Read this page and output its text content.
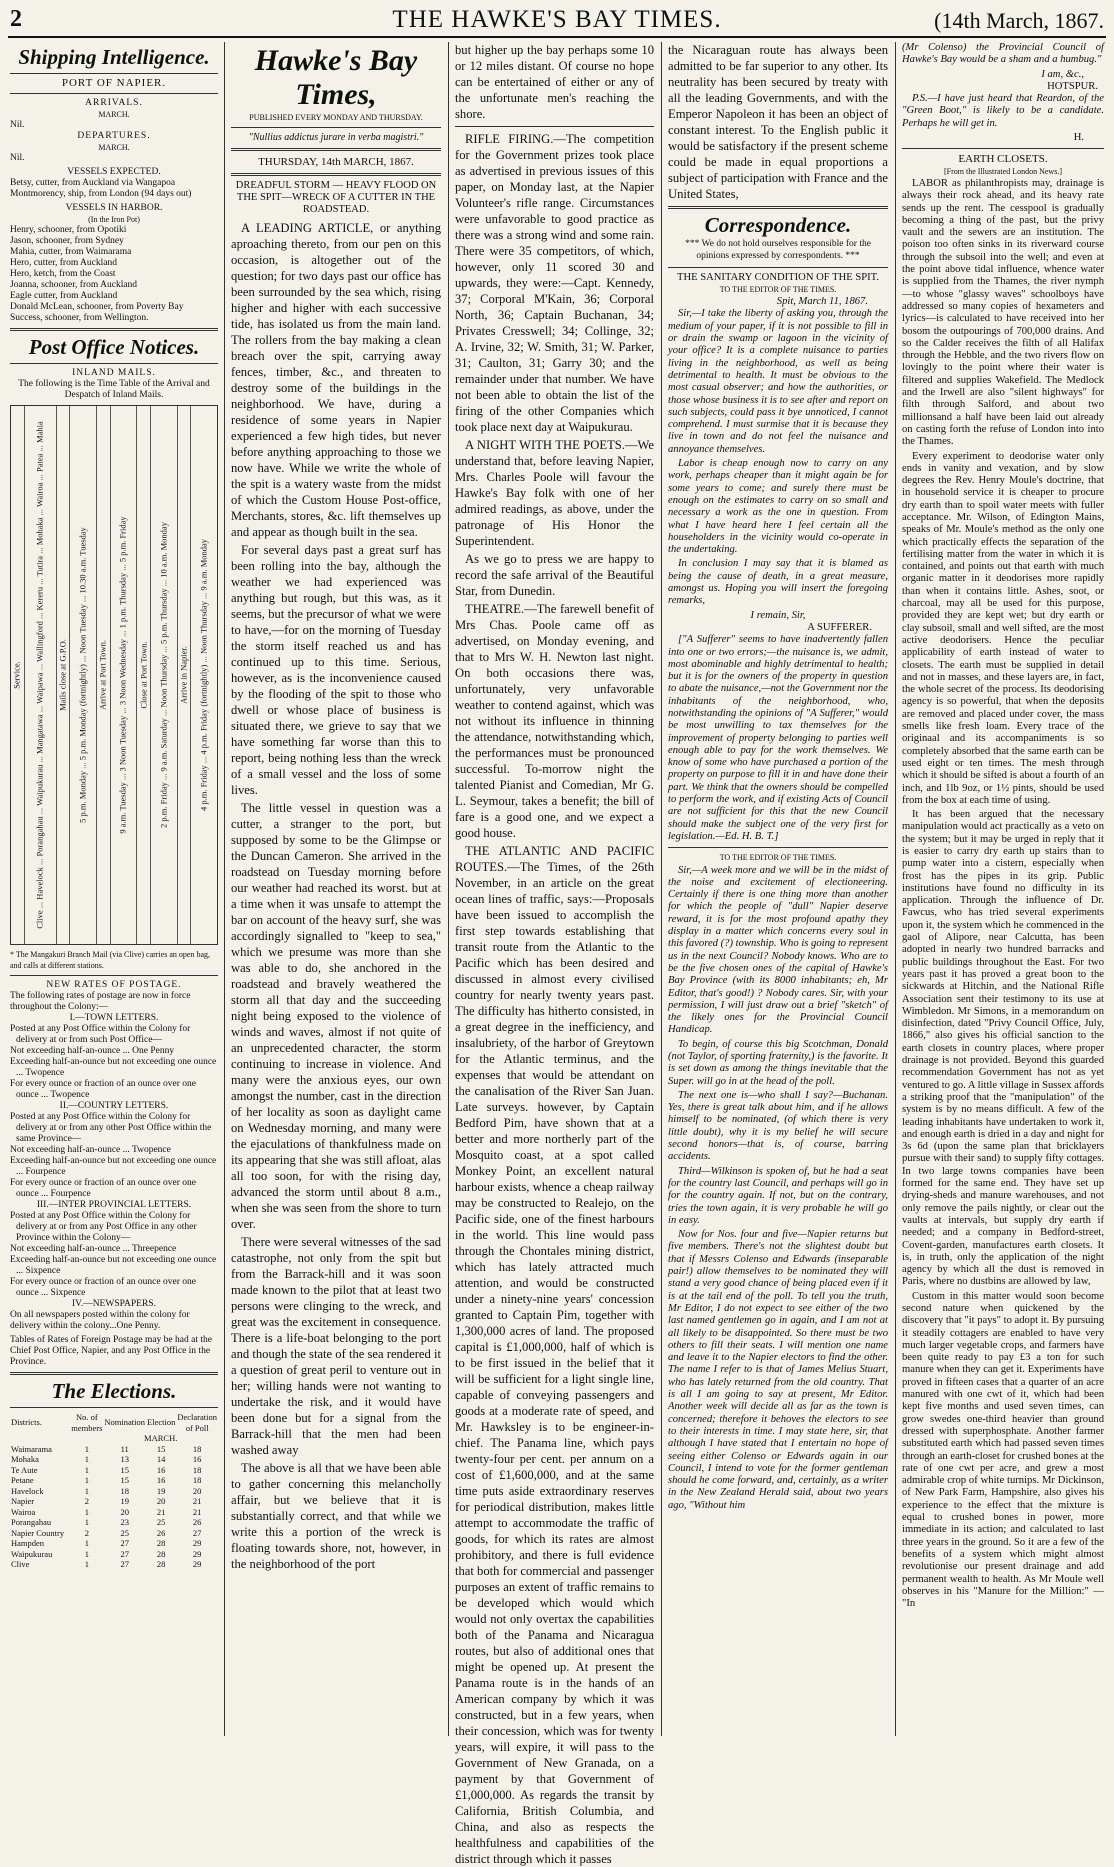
2	THE HAWKE'S BAY TIMES.	(14th March, 1867.
Shipping Intelligence.
PORT OF NAPIER.
ARRIVALS.
MARCH.
Nil.
DEPARTURES.
MARCH.
Nil.
VESSELS EXPECTED.
Betsy, cutter, from Auckland via Wangapoa
Montmorency, ship, from London (94 days out)
VESSELS IN HARBOR.
(In the Iron Pot)
Henry, schooner, from Opotiki
Jason, schooner, from Sydney
Mahia, cutter, from Waimarama
Hero, cutter, from Auckland
Hero, ketch, from the Coast
Joanna, schooner, from Auckland
Eagle cutter, from Auckland
Donald McLean, schooner, from Poverty Bay
Success, schooner, from Wellington.
Post Office Notices.
INLAND MAILS.
The following is the Time Table of the Arrival and Despatch of Inland Mails.
Service. Clive ... Havelock ... Porangahau ... Waipukurau ... Mangatawa ... Waipawa ... Wallingford ... Kereru ... Tutira ... Mohaka ... Wairoa ... Patea ... Mahia Mails close at G.P.O. 5 p.m. Monday ... 5 p.m. Monday (fortnightly) ... Noon Tuesday ... 10.30 a.m. Tuesday Arrive at Port Town. 9 a.m. Tuesday ... 3 Noon Tuesday ... 3 Noon Wednesday ... 1 p.m. Thursday ... 5 p.m. Friday Close at Port Town. 2 p.m. Friday ... 9 a.m. Saturday ... Noon Thursday ... 5 p.m. Thursday ... 10 a.m. Monday Arrive in Napier. 4 p.m. Friday ... 4 p.m. Friday (fortnightly) ... Noon Thursday ... 9 a.m. Monday
* The Mangakuri Branch Mail (via Clive) carries an open bag, and calls at different stations.
NEW RATES OF POSTAGE.
The following rates of postage are now in force throughout the Colony:—
I.—TOWN LETTERS.
Posted at any Post Office within the Colony for delivery at or from such Post Office—
Not exceeding half-an-ounce ... One Penny
Exceeding half-an-ounce but not exceeding one ounce ... Twopence
For every ounce or fraction of an ounce over one ounce ... Twopence
II.—COUNTRY LETTERS.
Posted at any Post Office within the Colony for delivery at or from any other Post Office within the same Province—
Not exceeding half-an-ounce ... Twopence
Exceeding half-an-ounce but not exceeding one ounce ... Fourpence
For every ounce or fraction of an ounce over one ounce ... Fourpence
III.—INTER PROVINCIAL LETTERS.
Posted at any Post Office within the Colony for delivery at or from any Post Office in any other Province within the Colony—
Not exceeding half-an-ounce ... Threepence
Exceeding half-an-ounce but not exceeding one ounce ... Sixpence
For every ounce or fraction of an ounce over one ounce ... Sixpence
IV.—NEWSPAPERS.
On all newspapers posted within the colony for delivery within the colony...One Penny.
Tables of Rates of Foreign Postage may be had at the Chief Post Office, Napier, and any Post Office in the Province.
The Elections.
Districts.	No. of members	Nomination	Election	Declaration of Poll
		MARCH.		
Waimarama	1	11	15	18
Mohaka	1	13	14	16
Te Aute	1	15	16	18
Petane	1	15	16	18
Havelock	1	18	19	20
Napier	2	19	20	21
Wairoa	1	20	21	21
Porangahau	1	23	25	26
Napier Country	2	25	26	27
Hampden	1	27	28	29
Waipukurau	1	27	28	29
Clive	1	27	28	29
Hawke's Bay Times,
PUBLISHED EVERY MONDAY AND THURSDAY.
"Nullius addictus jurare in verba magistri."
THURSDAY, 14th MARCH, 1867.
DREADFUL STORM — HEAVY FLOOD ON THE SPIT—WRECK OF A CUTTER IN THE ROADSTEAD.

A LEADING ARTICLE, or anything aproaching thereto, from our pen on this occasion, is altogether out of the question; for two days past our office has been surrounded by the sea which, rising higher and higher with each successive tide, has isolated us from the main land. The rollers from the bay making a clean breach over the spit, carrying away fences, timber, &c., and threaten to destroy some of the buildings in the neighborhood. We have, during a residence of some years in Napier experienced a few high tides, but never before anything approaching to those we now have. While we write the whole of the spit is a watery waste from the midst of which the Custom House Post-office, Merchants, stores, &c. lift themselves up and appear as though built in the sea.

For several days past a great surf has been rolling into the bay, although the weather we had experienced was anything but rough, but this was, as it seems, but the precursor of what we were to have,—for on the morning of Tuesday the storm itself reached us and has continued up to this time. Serious, however, as is the inconvenience caused by the flooding of the spit to those who dwell or whose place of business is situated there, we grieve to say that we have something far worse than this to report, being nothing less than the wreck of a small vessel and the loss of some lives.

The little vessel in question was a cutter, a stranger to the port, but supposed by some to be the Glimpse or the Duncan Cameron. She arrived in the roadstead on Tuesday morning before our weather had reached its worst. but at a time when it was unsafe to attempt the bar on account of the heavy surf, she was accordingly signalled to "keep to sea," which we presume was more than she was able to do, she anchored in the roadstead and bravely weathered the storm all that day and the succeeding night being exposed to the violence of winds and waves, almost if not quite of an unprecedented character, the storm continuing to increase in violence. And many were the anxious eyes, our own amongst the number, cast in the direction of her locality as soon as daylight came on Wednesday morning, and many were the ejaculations of thankfulness made on its appearing that she was still afloat, alas all too soon, for with the rising day, advanced the storm until about 8 a.m., when she was seen from the shore to turn over.

There were several witnesses of the sad catastrophe, not only from the spit but from the Barrack-hill and it was soon made known to the pilot that at least two persons were clinging to the wreck, and great was the excitement in consequence. There is a life-boat belonging to the port and though the state of the sea rendered it a question of great peril to venture out in her; willing hands were not wanting to undertake the risk, and it would have been done but for a signal from the Barrack-hill that the men had been washed away

The above is all that we have been able to gather concerning this melancholly affair, but we believe that it is substantially correct, and that while we write this a portion of the wreck is floating towards shore, not, however, in the neighborhood of the port

but higher up the bay perhaps some 10 or 12 miles distant. Of course no hope can be entertained of either or any of the unfortunate men's reaching the shore.

RIFLE FIRING.—The competition for the Government prizes took place as advertised in previous issues of this paper, on Monday last, at the Napier Volunteer's rifle range. Circumstances were unfavorable to good practice as there was a strong wind and some rain. There were 35 competitors, of which, however, only 11 scored 30 and upwards, they were:—Capt. Kennedy, 37; Corporal M'Kain, 36; Corporal North, 36; Captain Buchanan, 34; Privates Cresswell; 34; Collinge, 32; A. Irvine, 32; W. Smith, 31; W. Parker, 31; Caulton, 31; Garry 30; and the remainder under that number. We have not been able to obtain the list of the firing of the other Companies which took place next day at Waipukurau.

A NIGHT WITH THE POETS.—We understand that, before leaving Napier, Mrs. Charles Poole will favour the Hawke's Bay folk with one of her admired readings, as above, under the patronage of His Honor the Superintendent.

As we go to press we are happy to record the safe arrival of the Beautiful Star, from Dunedin.

THEATRE.—The farewell benefit of Mrs Chas. Poole came off as advertised, on Monday evening, and that to Mrs W. H. Newton last night. On both occasions there was, unfortunately, very unfavorable weather to contend against, which was not without its influence in thinning the attendance, notwithstanding which, the performances must be pronounced successful. To-morrow night the talented Pianist and Comedian, Mr G. L. Seymour, takes a benefit; the bill of fare is a good one, and we expect a good house.

THE ATLANTIC AND PACIFIC ROUTES.—The Times, of the 26th November, in an article on the great ocean lines of traffic, says:—Proposals have been issued to accomplish the first step towards establishing that transit route from the Atlantic to the Pacific which has been desired and discussed in almost every civilised country for nearly twenty years past. The difficulty has hitherto consisted, in a great degree in the inefficiency, and insalubriety, of the harbor of Greytown for the Atlantic terminus, and the expenses that would be attendant on the canalisation of the River San Juan. Late surveys. however, by Captain Bedford Pim, have shown that at a better and more northerly part of the Mosquito coast, at a spot called Monkey Point, an excellent natural harbour exists, whence a cheap railway may be constructed to Realejo, on the Pacific side, one of the finest harbours in the world. This line would pass through the Chontales mining district, which has lately attracted much attention, and would be constructed under a ninety-nine years' concession granted to Captain Pim, together with 1,300,000 acres of land. The proposed capital is £1,000,000, half of which is to be first issued in the belief that it will be sufficient for a light single line, capable of conveying passengers and goods at a moderate rate of speed, and Mr. Hawksley is to be engineer-in-chief. The Panama line, which pays twenty-four per cent. per annum on a cost of £1,600,000, and at the same time puts aside extraordinary reserves for periodical distribution, makes little attempt to accommodate the traffic of goods, for which its rates are almost prohibitory, and there is full evidence that both for commercial and passenger purposes an extent of traffic remains to be developed which would which would not only overtax the capabilities both of the Panama and Nicaragua routes, but also of additional ones that might be opened up. At present the Panama route is in the hands of an American company by which it was constructed, but in a few years, when their concession, which was for twenty years, will expire, it will pass to the Government of New Granada, on a payment by that Government of £1,000,000. As regards the transit by California, British Columbia, and China, and also as respects the healthfulness and capabilities of the district through which it passes

the Nicaraguan route has always been admitted to be far superior to any other. Its neutrality has been secured by treaty with all the leading Governments, and with the Emperor Napoleon it has been an object of constant interest. To the English public it would be satisfactory if the present scheme could be made in equal proportions a subject of participation with France and the United States,

Correspondence.
*** We do not hold ourselves responsible for the opinions expressed by correspondents. ***
THE SANITARY CONDITION OF THE SPIT.
TO THE EDITOR OF THE TIMES.
Spit, March 11, 1867.

Sir,—I take the liberty of asking you, through the medium of your paper, if it is not possible to fill in or drain the swamp or lagoon in the vicinity of your office? It is a complete nuisance to parties living in the neighborhood, as well as being detrimental to health. It must be obvious to the most casual observer; and how the authorities, or those whose business it is to see after and report on such subjects, could pass it bye unnoticed, I cannot comprehend. I must surmise that it is because they live in town and do not feel the nuisance and annoyance themselves.

Labor is cheap enough now to carry on any work, perhaps cheaper than it might again be for some years to come; and surely there must be enough on the estimates to carry on so small and necessary a work as the one in question. From what I have heard here I feel certain all the householders in the vicinity would co-operate in the undertaking.

In conclusion I may say that it is blamed as being the cause of death, in a great measure, amongst us. Hoping you will insert the foregoing remarks,

I remain, Sir,
A SUFFERER.

["A Sufferer" seems to have inadvertently fallen into one or two errors;—the nuisance is, we admit, most abominable and highly detrimental to health; but it is for the owners of the property in question to abate the nuisance,—not the Government nor the inhabitants of the neighborhood, who, notwithstanding the opinions of "A Sufferer," would be most unwilling to tax themselves for the improvement of property belonging to parties well enough able to pay for the work themselves. We know of some who have purchased a portion of the property on purpose to fill it in and have done their part. We think that the owners should be compelled to perform the work, and if existing Acts of Council are not sufficient for this that the new Council should make the subject one of the very first for legislation.—Ed. H. B. T.]

TO THE EDITOR OF THE TIMES.

Sir,—A week more and we will be in the midst of the noise and excitement of electioneering. Certainly if there is one thing more than another for which the people of "dull" Napier deserve reward, it is for the most profound apathy they display in a matter which concerns every soul in this favored (?) township. Who is going to represent us in the next Council? Nobody knows. Who are to be the five chosen ones of the capital of Hawke's Bay Province (with its 8000 inhabitants; eh, Mr Editor, that's good!) ? Nobody cares. Sir, with your permission, I will just draw out a brief "sketch" of the likely ones for the Provincial Council Handicap.

To begin, of course this big Scotchman, Donald (not Taylor, of sporting fraternity,) is the favorite. It is set down as among the things inevitable that the Super. will go in at the head of the poll.

The next one is—who shall I say?—Buchanan. Yes, there is great talk about him, and if he allows himself to be nominated, (of which there is very little doubt), why it is my belief he will secure second honors—that is, of course, barring accidents.

Third—Wilkinson is spoken of, but he had a seat for the country last Council, and perhaps will go in for the country again. If not, but on the contrary, tries the town again, it is very probable he will go in easy.

Now for Nos. four and five—Napier returns but five members. There's not the slightest doubt but that if Messrs Colenso and Edwards (inseparable pair!) allow themselves to be nominated they will stand a very good chance of being placed even if it is at the tail end of the poll. To tell you the truth, Mr Editor, I do not expect to see either of the two last named gentlemen go in again, and I am not at all likely to be disappointed. So there must be two others to fill their seats. I will mention one name and leave it to the Napier electors to find the other. The name I refer to is that of James Melius Stuart, who has lately returned from the old country. That is all I am going to say at present, Mr Editor. Another week will decide all as far as the town is concerned; therefore it behoves the electors to see to their interests in time. I may state here, sir, that although I have stated that I entertain no hope of seeing either Colenso or Edwards again in our Council, I intend to vote for the former gentleman should he come forward, and, certainly, as a writer in the New Zealand Herald said, about two years ago, "Without him

(Mr Colenso) the Provincial Council of Hawke's Bay would be a sham and a humbug."

I am, &c.,
HOTSPUR.

P.S.—I have just heard that Reardon, of the "Green Boot," is likely to be a candidate. Perhaps he will get in.

H.
EARTH CLOSETS.
[From the Illustrated London News.]

LABOR as philanthropists may, drainage is always their rock ahead, and its heavy rate sends up the rent. The cesspool is gradually becoming a thing of the past, but the privy vault and the sewers are an institution. The poison too often sinks in its riverward course through the subsoil into the well; and even at the point above tidal influence, whence water is supplied from the Thames, the river nymph—to whose "glassy waves" schoolboys have addressed so many copies of hexameters and lyrics—is calculated to have received into her bosom the outpourings of 700,000 drains. And so the Calder receives the filth of all Halifax through the Hebble, and the two rivers flow on lovingly to the point where their water is filtered and supplies Wakefield. The Medlock and the Irwell are also "silent highways" for filth through Salford, and about two millionsand a half have been laid out already on casting forth the refuse of London into into the Thames.

Every experiment to deodorise water only ends in vanity and vexation, and by slow degrees the Rev. Henry Moule's doctrine, that in household service it is cheaper to procure dry earth than to spoil water meets with fuller acceptance. Mr. Wilson, of Edington Mains, speaks of Mr. Moule's method as the only one which practically effects the separation of the fertilising matter from the water in which it is contained, and points out that earth with much organic matter in it deodorises more rapidly than when it contains little. Ashes, soot, or charcoal, may all be used for this purpose, provided they are kept wet; but dry earth or clay subsoil, small and well sifted, are the most active deodorisers. Hence the peculiar applicability of earth instead of water to closets. The earth must be supplied in detail and not in masses, and these layers are, in fact, the whole secret of the process. Its deodorising agency is so powerful, that when the deposits are removed and placed under cover, the mass smells like fresh loam. Every trace of the originaal and its accompaniments is so completely absorbed that the same earth can be used eight or ten times. The mesh through which it should be sifted is about a fourth of an inch, and 1lb 9oz, or 1½ pints, should be used from the box at each time of using.

It has been argued that the necessary manipulation would act practically as a veto on the system; but it may be urged in reply that it is easier to carry dry earth up stairs than to pump water into a cistern, especially when frost has the pipes in its grip. Public institutions have found no difficulty in its application. Through the influence of Dr. Fawcus, who has tried several experiments upon it, the system which he commenced in the gaol of Alipore, near Calcutta, has been adopted in nearly two hundred barracks and public buildings throughout the East. For two years past it has proved a great boon to the sickwards at Hitchin, and the National Rifle Association sent their testimony to its use at Wimbledon. Mr Simons, in a memorandum on disinfection, dated "Privy Council Office, July, 1866," also gives his official sanction to the earth closets in country places, where proper drainage is not provided. Beyond this guarded recommendation Government has not as yet ventured to go. A little village in Sussex affords a striking proof that the "manipulation" of the system is by no means difficult. A few of the leading inhabitants have undertaken to work it, and enough earth is dried in a day and night for 3s 6d (upon the same plan that bricklayers pursue with their sand) to supply fifty cottages. In two large towns companies have been formed for the same end. They have set up drying-sheds and manure warehouses, and not only remove the pails nightly, or clear out the vaults at intervals, but supply dry earth if needed; and a company in Bedford-street, Covent-garden, manufactures earth closets. It is, in truth, only the application of the night agency by which all the dust is removed in Paris, where no dustbins are allowed by law,

Custom in this matter would soon become second nature when quickened by the discovery that "it pays" to adopt it. By pursuing it steadily cottagers are enabled to have very much larger vegetable crops, and farmers have been quite ready to pay £3 a ton for such manure when they can get it. Experiments have proved in fifteen cases that a quarter of an acre manured with one cwt of it, which had been kept five months and used seven times, can grow swedes one-third heavier than ground dressed with superphosphate. Another farmer substituted earth which had passed seven times through an earth-closet for crushed bones at the rate of one cwt per acre, and grew a most admirable crop of white turnips. Mr Dickinson, of New Park Farm, Hampshire, also gives his experience to the effect that the mixture is equal to crushed bones in power, more immediate in its action; and calculated to last three years in the ground. So it are a few of the benefits of a system which might almost revolutionise our present drainage and add permanent wealth to health. As Mr Moule well observes in his "Manure for the Million:" — "In
